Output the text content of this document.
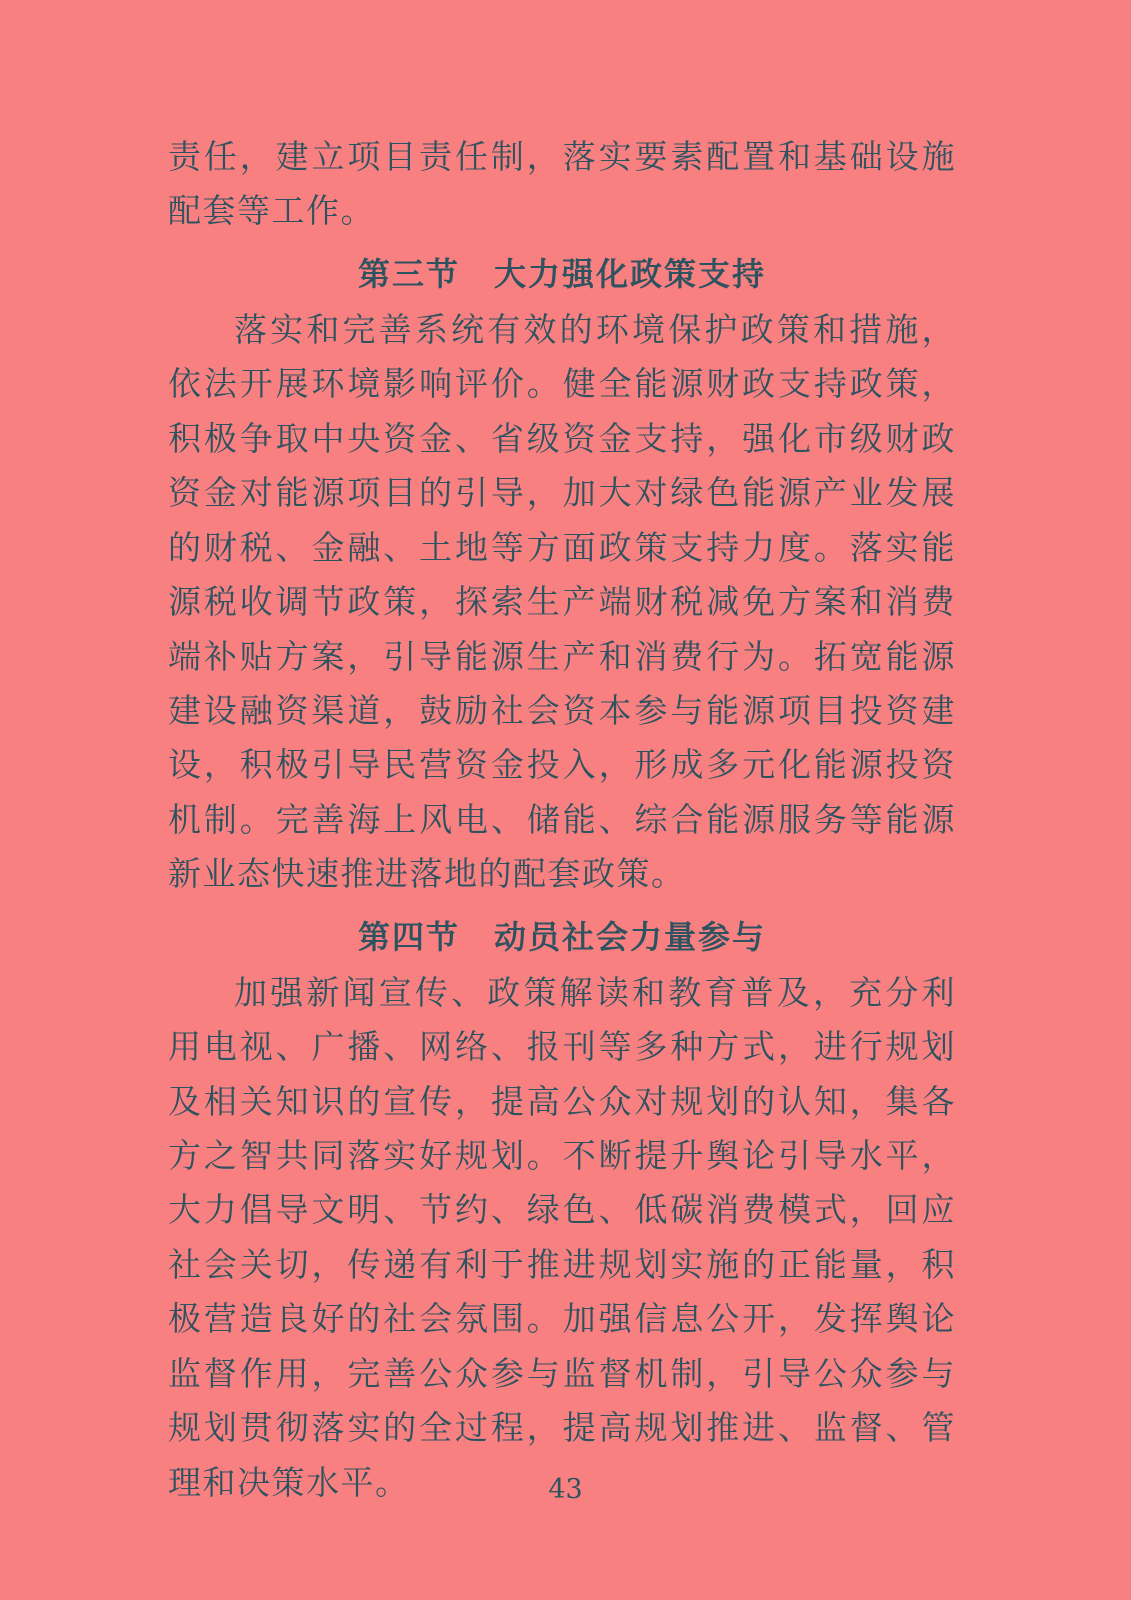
责任，建立项目责任制，落实要素配置和基础设施配套等工作。

第三节 大力强化政策支持

落实和完善系统有效的环境保护政策和措施，依法开展环境影响评价。健全能源财政支持政策，积极争取中央资金、省级资金支持，强化市级财政资金对能源项目的引导，加大对绿色能源产业发展的财税、金融、土地等方面政策支持力度。落实能源税收调节政策，探索生产端财税减免方案和消费端补贴方案，引导能源生产和消费行为。拓宽能源建设融资渠道，鼓励社会资本参与能源项目投资建设，积极引导民营资金投入，形成多元化能源投资机制。完善海上风电、储能、综合能源服务等能源新业态快速推进落地的配套政策。

第四节 动员社会力量参与

加强新闻宣传、政策解读和教育普及，充分利用电视、广播、网络、报刊等多种方式，进行规划及相关知识的宣传，提高公众对规划的认知，集各方之智共同落实好规划。不断提升舆论引导水平，大力倡导文明、节约、绿色、低碳消费模式，回应社会关切，传递有利于推进规划实施的正能量，积极营造良好的社会氛围。加强信息公开，发挥舆论监督作用，完善公众参与监督机制，引导公众参与规划贯彻落实的全过程，提高规划推进、监督、管理和决策水平。	43
